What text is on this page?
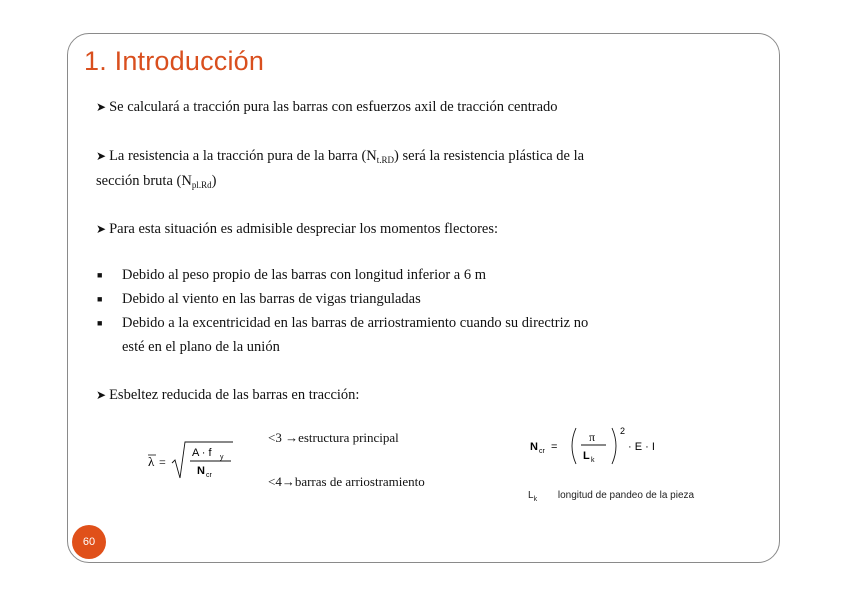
1. Introducción
➤ Se calculará a tracción pura las barras con esfuerzos axil de tracción centrado
➤ La resistencia a la tracción pura de la barra $(N_{t.RD})$ será la resistencia plástica de la
sección bruta $(N_{pl.Rd})$
➤ Para esta situación es admisible despreciar los momentos flectores:
■ Debido al peso propio de las barras con longitud inferior a 6 m
■ Debido al viento en las barras de vigas trianguladas
■ Debido a la excentricidad en las barras de arriostramiento cuando su directriz no
esté en el plano de la unión
➤ Esbeltez reducida de las barras en tracción:
λ =
A · f y
N cr
<3 →estructura principal
<4→barras de arriostramiento
N cr =
π
L k
2
· E · I
$L_k$ longitud de pandeo de la pieza
60
